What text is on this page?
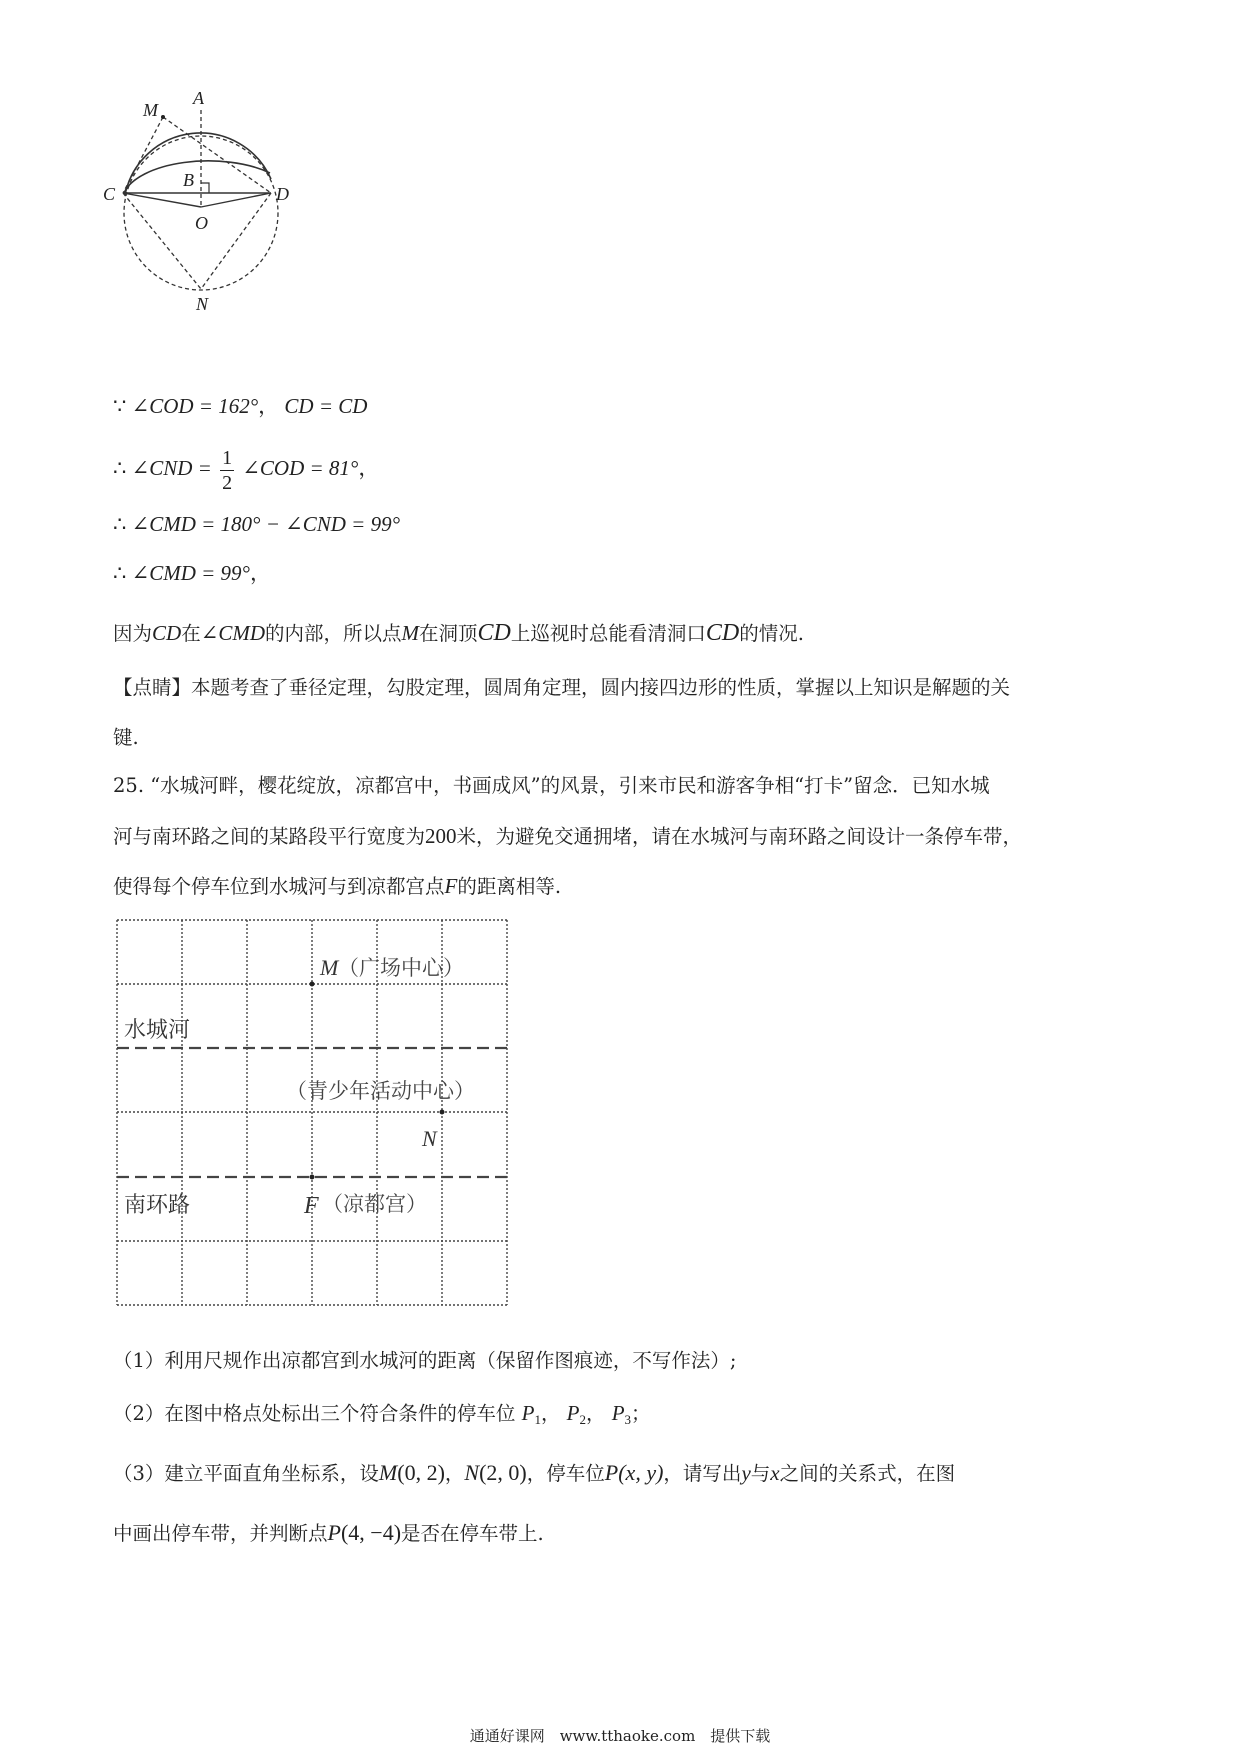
M
A
B
C	D
O
N
∵ ∠COD = 162°， CD = CD
∴ ∠CND = $\frac{1}{2}$ ∠COD = 81°，
∴ ∠CMD = 180° − ∠CND = 99°
∴ ∠CMD = 99°，
因为CD在∠CMD的内部，所以点M在洞顶CD上巡视时总能看清洞口CD的情况.
【点睛】本题考查了垂径定理，勾股定理，圆周角定理，圆内接四边形的性质，掌握以上知识是解题的关
键.
25. “水城河畔，樱花绽放，凉都宫中，书画成风”的风景，引来市民和游客争相“打卡”留念．已知水城
河与南环路之间的某路段平行宽度为200米，为避免交通拥堵，请在水城河与南环路之间设计一条停车带，
使得每个停车位到水城河与到凉都宫点F的距离相等.
M （广场中心）
水城河
（青少年活动中心）
N
南环路	F （凉都宫）
（1）利用尺规作出凉都宫到水城河的距离（保留作图痕迹，不写作法）;
（2）在图中格点处标出三个符合条件的停车位 $P_1$， $P_2$， $P_3$；
（3）建立平面直角坐标系，设M(0, 2)，N(2, 0)，停车位P(x, y)，请写出y与x之间的关系式，在图
中画出停车带，并判断点P(4, −4)是否在停车带上.
通通好课网　www.tthaoke.com　提供下载
